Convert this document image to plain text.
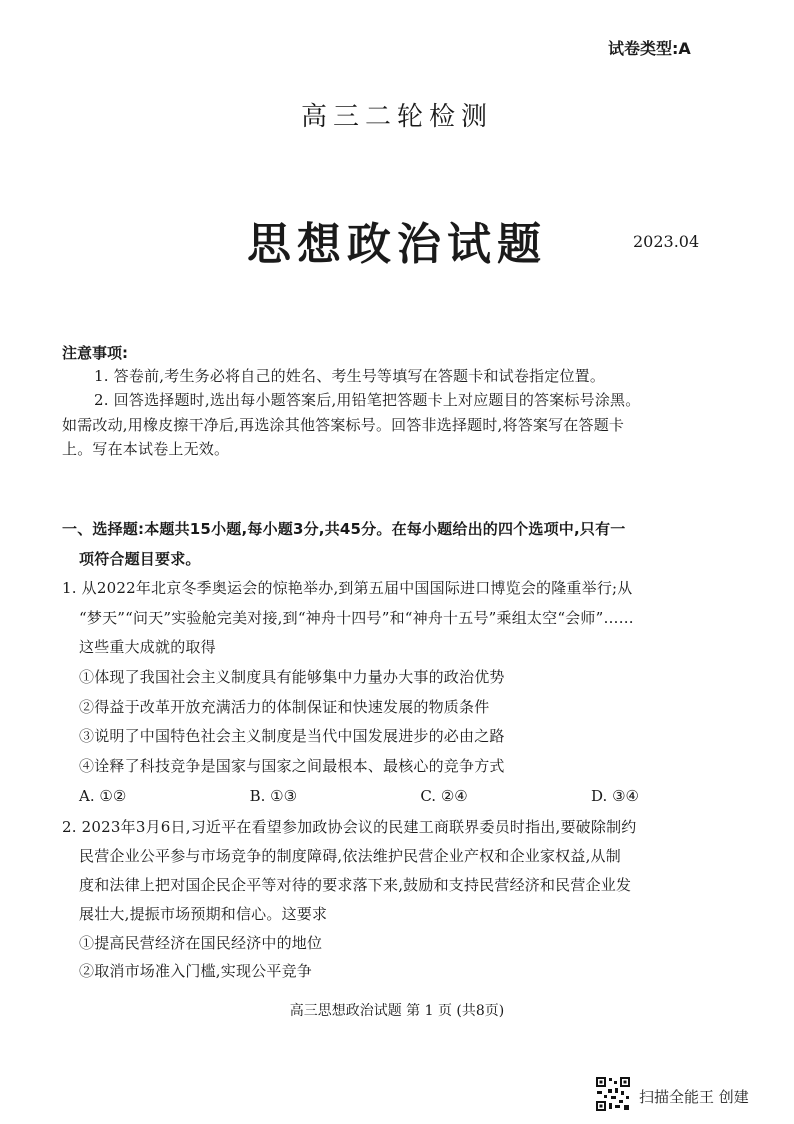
试卷类型:A
高三二轮检测
思想政治试题	2023.04
注意事项:
1. 答卷前,考生务必将自己的姓名、考生号等填写在答题卡和试卷指定位置。
2. 回答选择题时,选出每小题答案后,用铅笔把答题卡上对应题目的答案标号涂黑。
如需改动,用橡皮擦干净后,再选涂其他答案标号。回答非选择题时,将答案写在答题卡
上。写在本试卷上无效。
一、选择题:本题共15小题,每小题3分,共45分。在每小题给出的四个选项中,只有一
项符合题目要求。
1. 从2022年北京冬季奥运会的惊艳举办,到第五届中国国际进口博览会的隆重举行;从
“梦天”“问天”实验舱完美对接,到“神舟十四号”和“神舟十五号”乘组太空“会师”……
这些重大成就的取得
①体现了我国社会主义制度具有能够集中力量办大事的政治优势
②得益于改革开放充满活力的体制保证和快速发展的物质条件
③说明了中国特色社会主义制度是当代中国发展进步的必由之路
④诠释了科技竞争是国家与国家之间最根本、最核心的竞争方式
A. ①②	B. ①③	C. ②④	D. ③④
2. 2023年3月6日,习近平在看望参加政协会议的民建工商联界委员时指出,要破除制约
民营企业公平参与市场竞争的制度障碍,依法维护民营企业产权和企业家权益,从制
度和法律上把对国企民企平等对待的要求落下来,鼓励和支持民营经济和民营企业发
展壮大,提振市场预期和信心。这要求
①提高民营经济在国民经济中的地位
②取消市场准入门槛,实现公平竞争
高三思想政治试题 第 1 页 (共8页)
扫描全能王 创建
